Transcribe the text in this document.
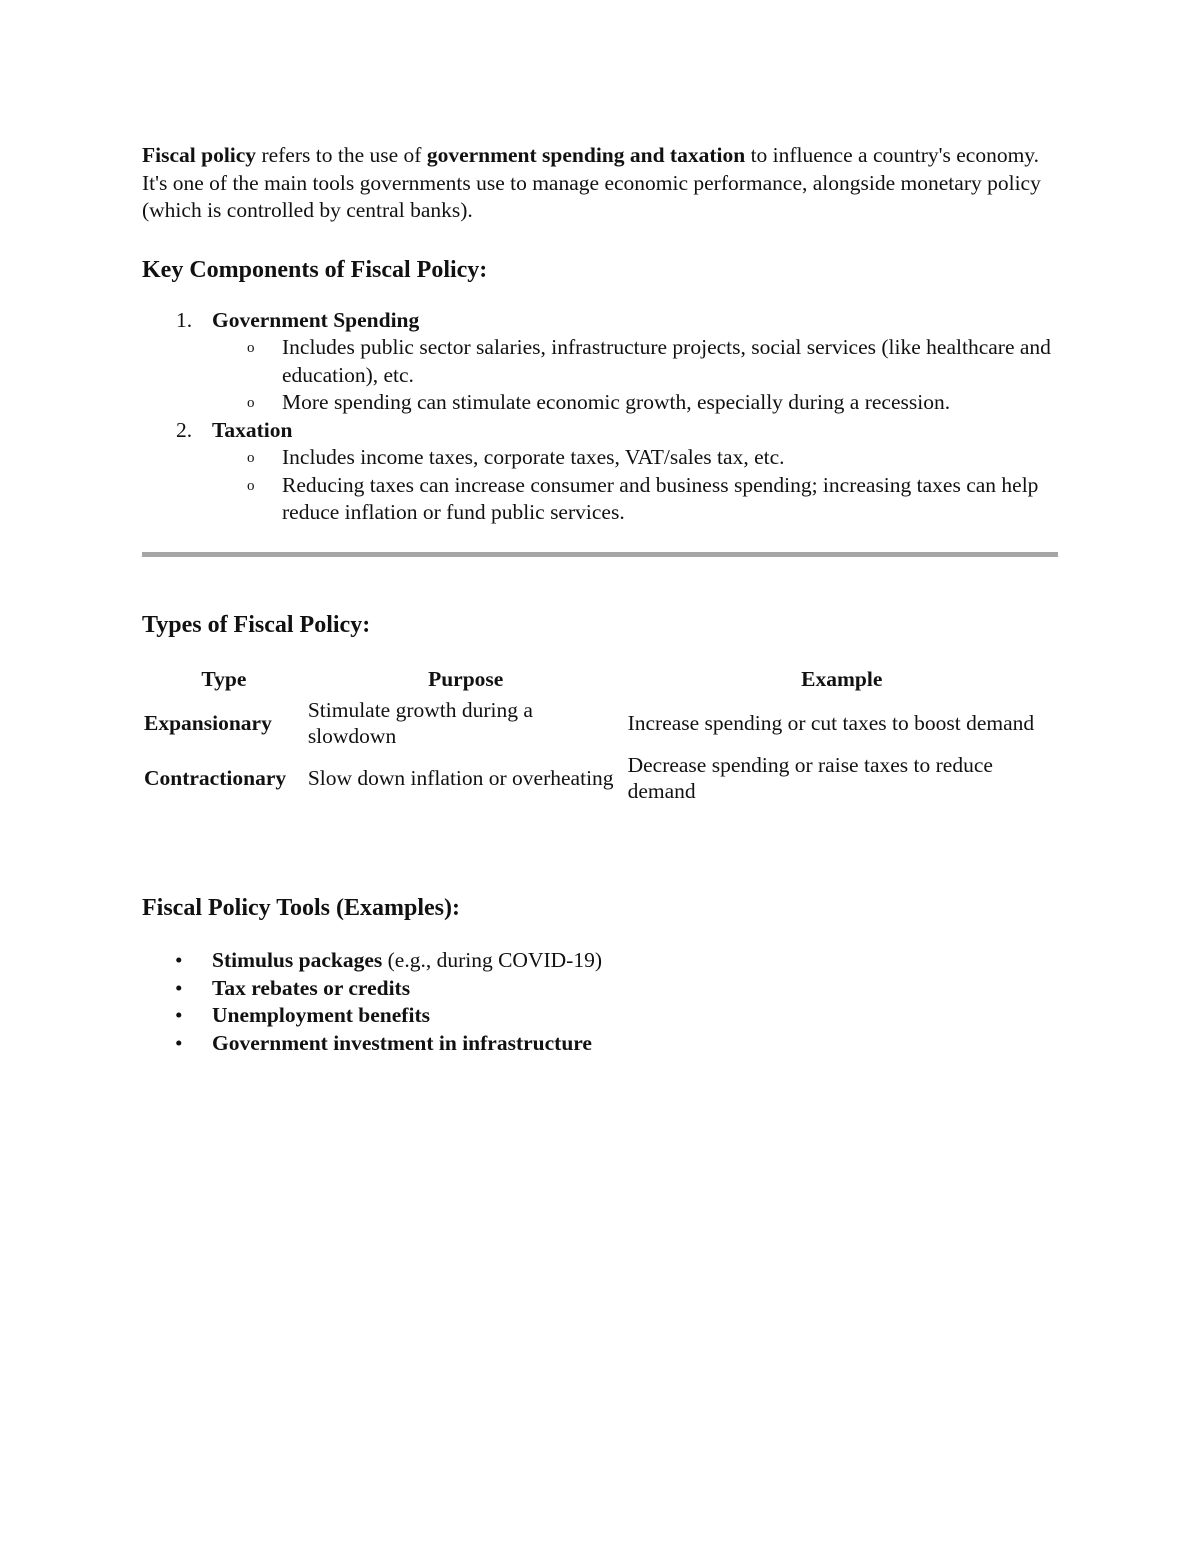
Fiscal policy refers to the use of government spending and taxation to influence a country's economy. It's one of the main tools governments use to manage economic performance, alongside monetary policy (which is controlled by central banks).

Key Components of Fiscal Policy:
1. Government Spending
o Includes public sector salaries, infrastructure projects, social services (like healthcare and education), etc.
o More spending can stimulate economic growth, especially during a recession.
2. Taxation
o Includes income taxes, corporate taxes, VAT/sales tax, etc.
o Reducing taxes can increase consumer and business spending; increasing taxes can help reduce inflation or fund public services.
Types of Fiscal Policy:
Type	Purpose	Example
Expansionary	Stimulate growth during a slowdown	Increase spending or cut taxes to boost demand
Contractionary	Slow down inflation or overheating	Decrease spending or raise taxes to reduce demand
Fiscal Policy Tools (Examples):
• Stimulus packages (e.g., during COVID-19)
• Tax rebates or credits
• Unemployment benefits
• Government investment in infrastructure
